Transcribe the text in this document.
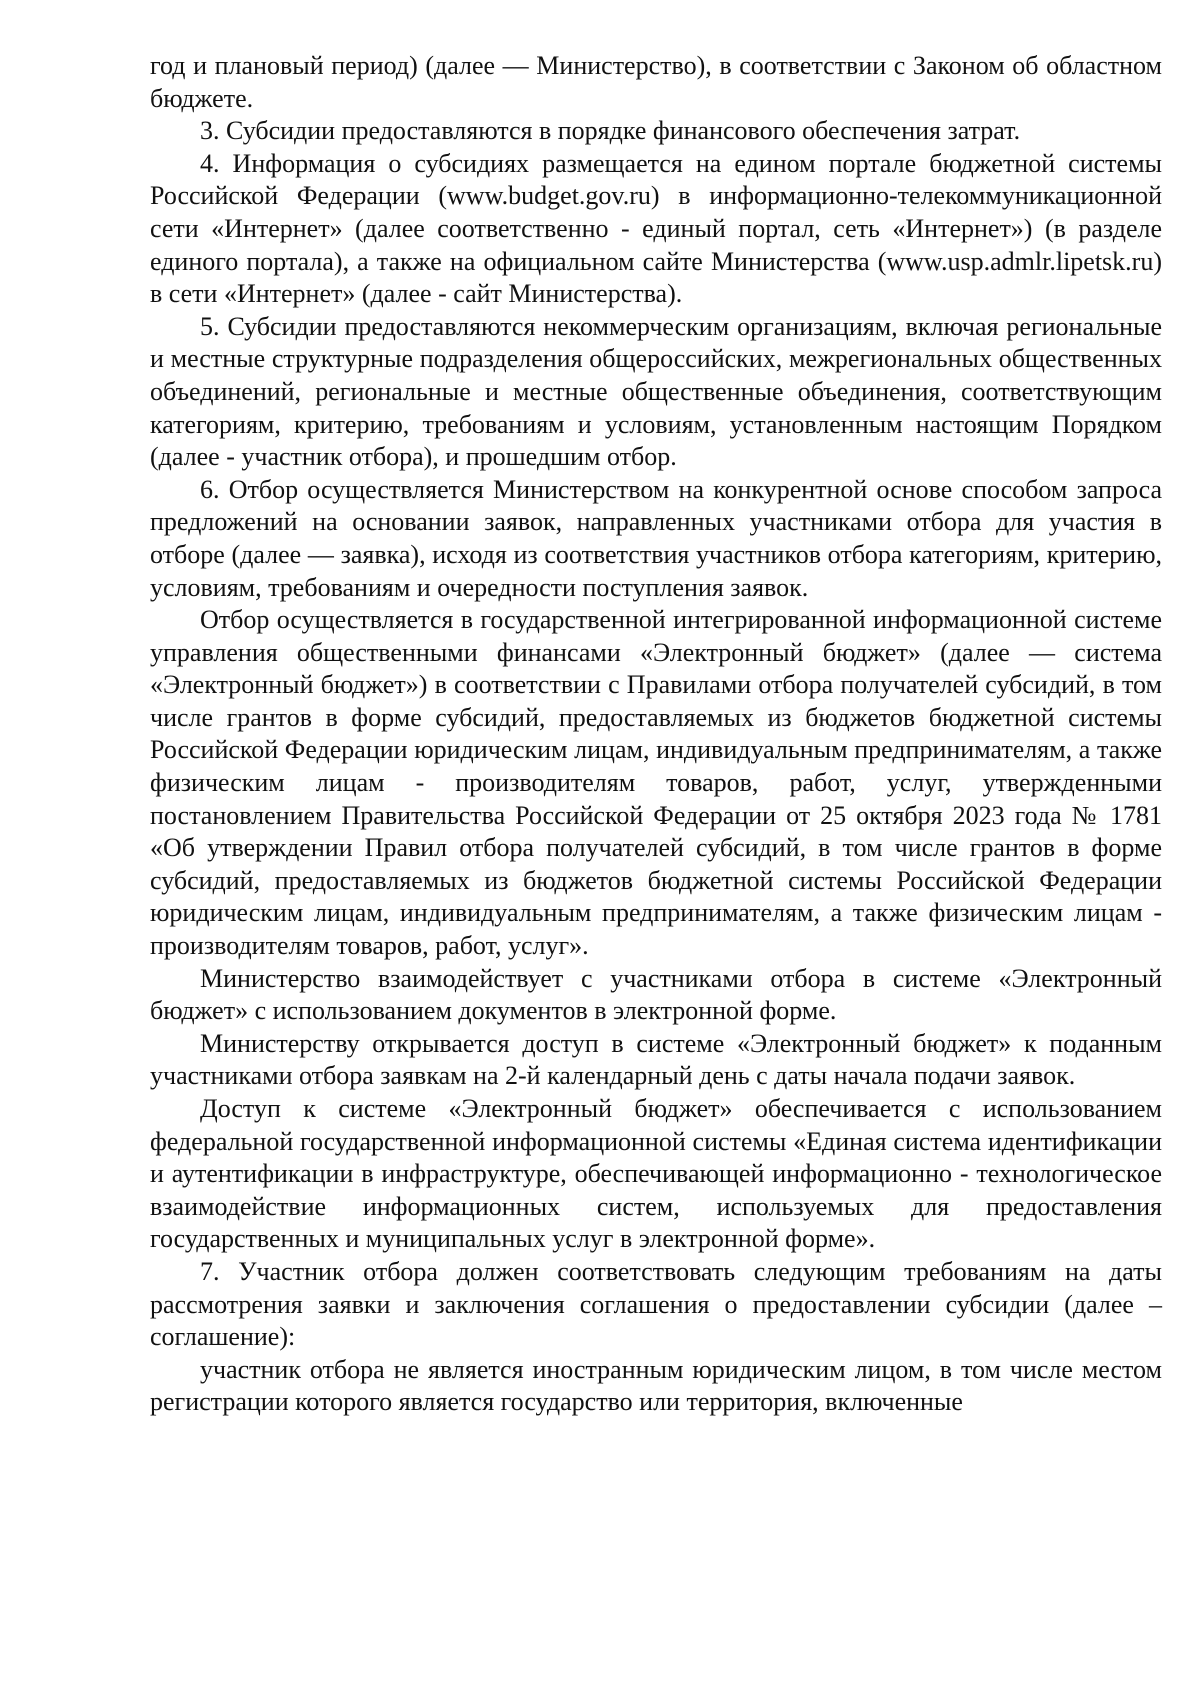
год и плановый период) (далее — Министерство), в соответствии с Законом об областном бюджете.

3. Субсидии предоставляются в порядке финансового обеспечения затрат.

4. Информация о субсидиях размещается на едином портале бюджетной системы Российской Федерации (www.budget.gov.ru) в информационно-телекоммуникационной сети «Интернет» (далее соответственно - единый портал, сеть «Интернет») (в разделе единого портала), а также на официальном сайте Министерства (www.usp.admlr.lipetsk.ru) в сети «Интернет» (далее - сайт Министерства).

5. Субсидии предоставляются некоммерческим организациям, включая региональные и местные структурные подразделения общероссийских, межрегиональных общественных объединений, региональные и местные общественные объединения, соответствующим категориям, критерию, требованиям и условиям, установленным настоящим Порядком (далее - участник отбора), и прошедшим отбор.

6. Отбор осуществляется Министерством на конкурентной основе способом запроса предложений на основании заявок, направленных участниками отбора для участия в отборе (далее — заявка), исходя из соответствия участников отбора категориям, критерию, условиям, требованиям и очередности поступления заявок.

Отбор осуществляется в государственной интегрированной информационной системе управления общественными финансами «Электронный бюджет» (далее — система «Электронный бюджет») в соответствии с Правилами отбора получателей субсидий, в том числе грантов в форме субсидий, предоставляемых из бюджетов бюджетной системы Российской Федерации юридическим лицам, индивидуальным предпринимателям, а также физическим лицам - производителям товаров, работ, услуг, утвержденными постановлением Правительства Российской Федерации от 25 октября 2023 года № 1781 «Об утверждении Правил отбора получателей субсидий, в том числе грантов в форме субсидий, предоставляемых из бюджетов бюджетной системы Российской Федерации юридическим лицам, индивидуальным предпринимателям, а также физическим лицам - производителям товаров, работ, услуг».

Министерство взаимодействует с участниками отбора в системе «Электронный бюджет» с использованием документов в электронной форме.

Министерству открывается доступ в системе «Электронный бюджет» к поданным участниками отбора заявкам на 2-й календарный день с даты начала подачи заявок.

Доступ к системе «Электронный бюджет» обеспечивается с использованием федеральной государственной информационной системы «Единая система идентификации и аутентификации в инфраструктуре, обеспечивающей информационно - технологическое взаимодействие информационных систем, используемых для предоставления государственных и муниципальных услуг в электронной форме».

7. Участник отбора должен соответствовать следующим требованиям на даты рассмотрения заявки и заключения соглашения о предоставлении субсидии (далее – соглашение):

участник отбора не является иностранным юридическим лицом, в том числе местом регистрации которого является государство или территория, включенные
